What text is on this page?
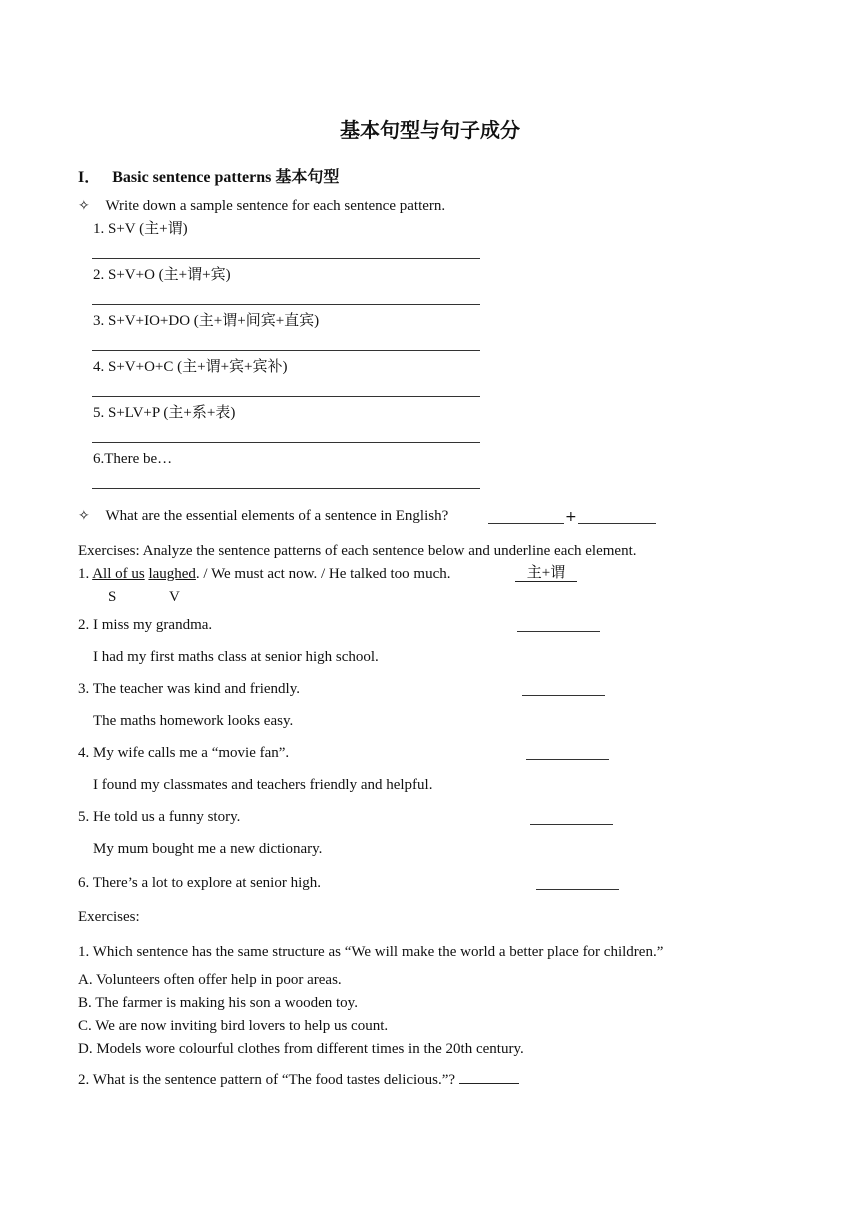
基本句型与句子成分
I． Basic sentence patterns 基本句型
✧ Write down a sample sentence for each sentence pattern.
1. S+V (主+谓)
2. S+V+O (主+谓+宾)
3. S+V+IO+DO (主+谓+间宾+直宾)
4. S+V+O+C (主+谓+宾+宾补)
5. S+LV+P (主+系+表)
6.There be…
✧ What are the essential elements of a sentence in English?	+
Exercises: Analyze the sentence patterns of each sentence below and underline each element.
1. All of us laughed. / We must act now. / He talked too much.	主+谓
S	V
2. I miss my grandma.
I had my first maths class at senior high school.
3. The teacher was kind and friendly.
The maths homework looks easy.
4. My wife calls me a “movie fan”.
I found my classmates and teachers friendly and helpful.
5. He told us a funny story.
My mum bought me a new dictionary.
6. There’s a lot to explore at senior high.
Exercises:
1. Which sentence has the same structure as “We will make the world a better place for children.”
A. Volunteers often offer help in poor areas.
B. The farmer is making his son a wooden toy.
C. We are now inviting bird lovers to help us count.
D. Models wore colourful clothes from different times in the 20th century.
2. What is the sentence pattern of “The food tastes delicious.”?
